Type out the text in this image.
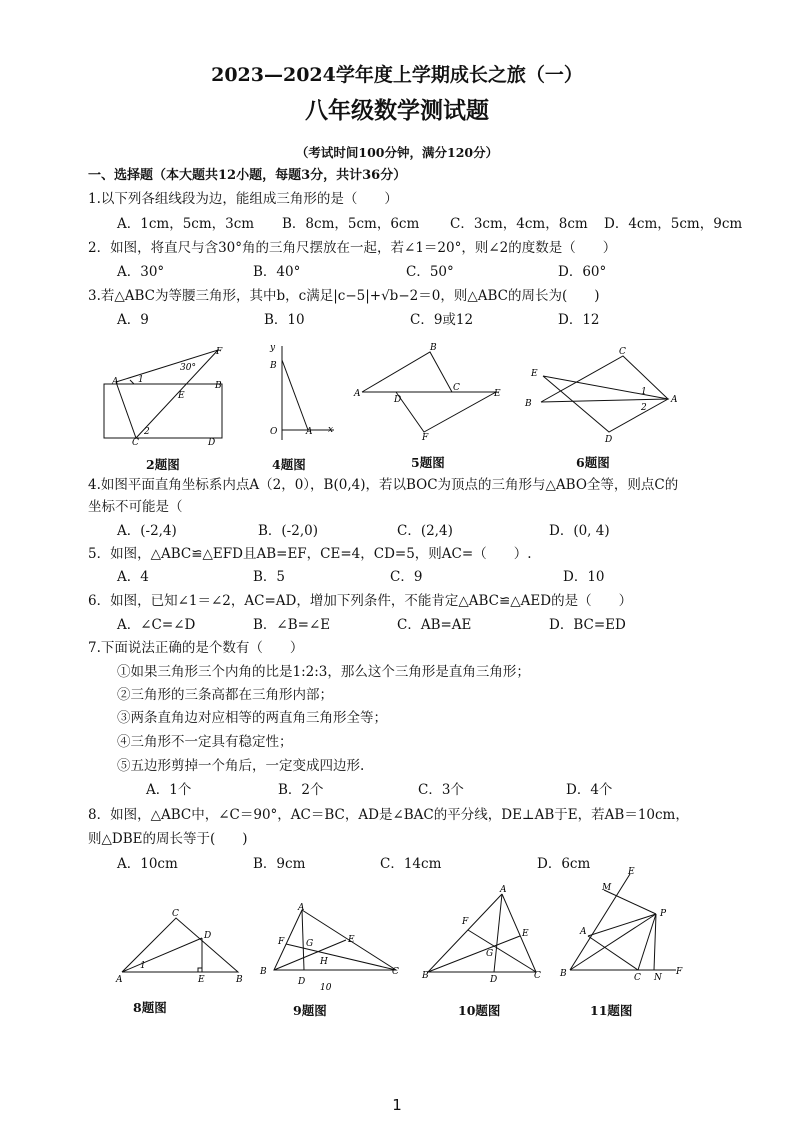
2023—2024学年度上学期成长之旅（一）
八年级数学测试题
（考试时间100分钟，满分120分）
一、选择题（本大题共12小题，每题3分，共计36分）
1.以下列各组线段为边，能组成三角形的是（　　）
A．1cm，5cm，3cm B．8cm，5cm，6cm C．3cm，4cm，8cm D．4cm，5cm，9cm
2．如图，将直尺与含30°角的三角尺摆放在一起，若∠1＝20°，则∠2的度数是（　　）
A．30°	B．40°	C．50°	D．60°
3.若△ABC为等腰三角形，其中b，c满足|c−5|+√b−2＝0，则△ABC的周长为(　　)
A．9	B．10	C．9或12	D．12
A	B
C	D
E
F
1
2
30°
2题图
y
B
O	A x
4题图
A
B
C
D
E
F
5题图
C
E
B	A
D
1
2
6题图
4.如图平面直角坐标系内点A（2，0），B(0,4)，若以BOC为顶点的三角形与△ABO全等，则点C的
坐标不可能是（
A．(-2,4)	B．(-2,0)	C．(2,4)	D．(0, 4)
5．如图，△ABC≌△EFD且AB=EF，CE=4，CD=5，则AC=（　　）.
A．4	B．5	C．9	D．10
6．如图，已知∠1＝∠2，AC=AD，增加下列条件，不能肯定△ABC≌△AED的是（　　）
A．∠C=∠D	B．∠B=∠E	C．AB=AE	D．BC=ED
7.下面说法正确的是个数有（　　）
①如果三角形三个内角的比是1:2:3，那么这个三角形是直角三角形；
②三角形的三条高都在三角形内部；
③两条直角边对应相等的两直角三角形全等；
④三角形不一定具有稳定性；
⑤五边形剪掉一个角后，一定变成四边形.
A．1个	B．2个	C．3个	D．4个
8．如图，△ABC中，∠C＝90°，AC＝BC，AD是∠BAC的平分线，DE⊥AB于E，若AB＝10cm，
则△DBE的周长等于(　　)
A．10cm	B．9cm	C．14cm	D．6cm
C
D
A	E	B
1
8题图
A
F G	E
H
B
D
C
10
9题图
A
F
E
G
B	D	C
10题图
M
E
P
A
B	C N
F
11题图
1
